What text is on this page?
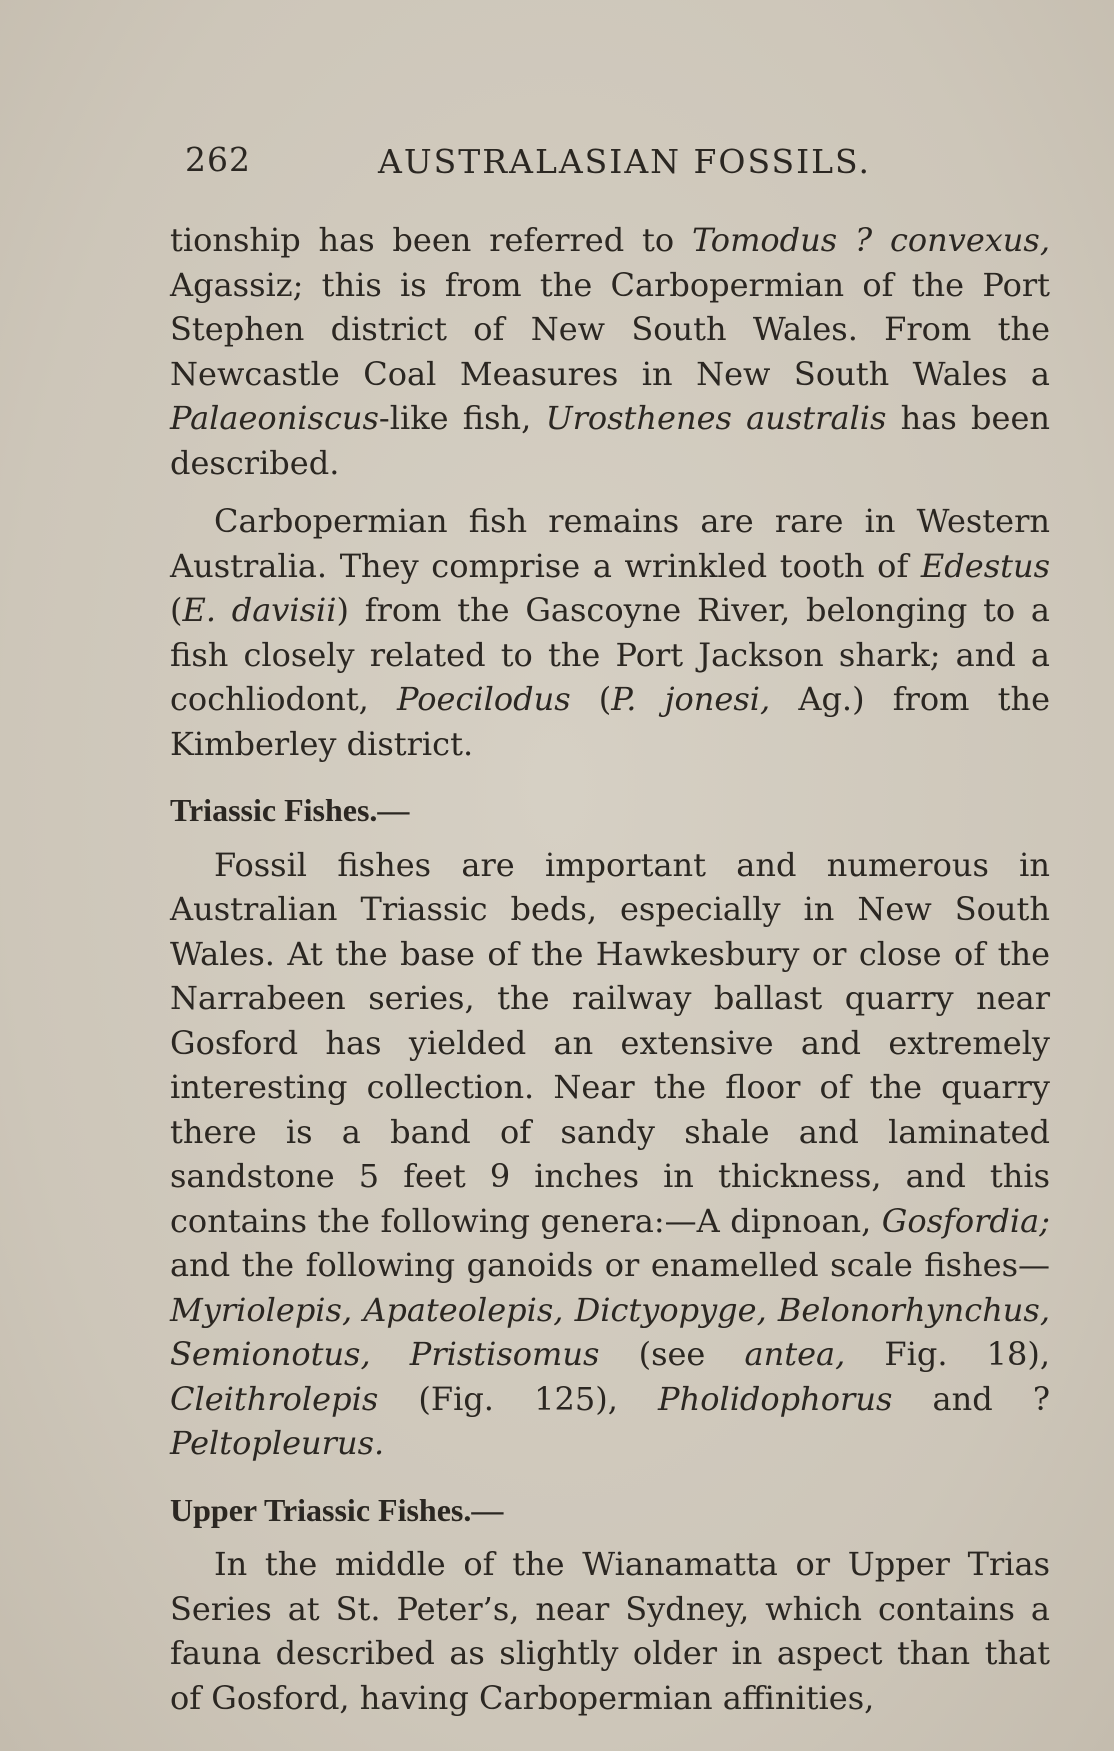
262	AUSTRALASIAN FOSSILS.

tionship has been referred to Tomodus ? convexus, Agassiz; this is from the Carbopermian of the Port Stephen district of New South Wales. From the Newcastle Coal Measures in New South Wales a Palaeoniscus-like fish, Urosthenes australis has been described.

Carbopermian fish remains are rare in Western Australia. They comprise a wrinkled tooth of Edestus (E. davisii) from the Gascoyne River, belonging to a fish closely related to the Port Jackson shark; and a cochliodont, Poecilodus (P. jonesi, Ag.) from the Kimberley district.

Triassic Fishes.—

Fossil fishes are important and numerous in Australian Triassic beds, especially in New South Wales. At the base of the Hawkesbury or close of the Narrabeen series, the railway ballast quarry near Gosford has yielded an extensive and extremely interesting collection. Near the floor of the quarry there is a band of sandy shale and laminated sandstone 5 feet 9 inches in thickness, and this contains the following genera:—A dipnoan, Gosfordia; and the following ganoids or enamelled scale fishes—Myriolepis, Apateolepis, Dictyopyge, Belonorhynchus, Semionotus, Pristisomus (see antea, Fig. 18), Cleithrolepis (Fig. 125), Pholidophorus and ? Peltopleurus.

Upper Triassic Fishes.—

In the middle of the Wianamatta or Upper Trias Series at St. Peter’s, near Sydney, which contains a fauna described as slightly older in aspect than that of Gosford, having Carbopermian affinities,
